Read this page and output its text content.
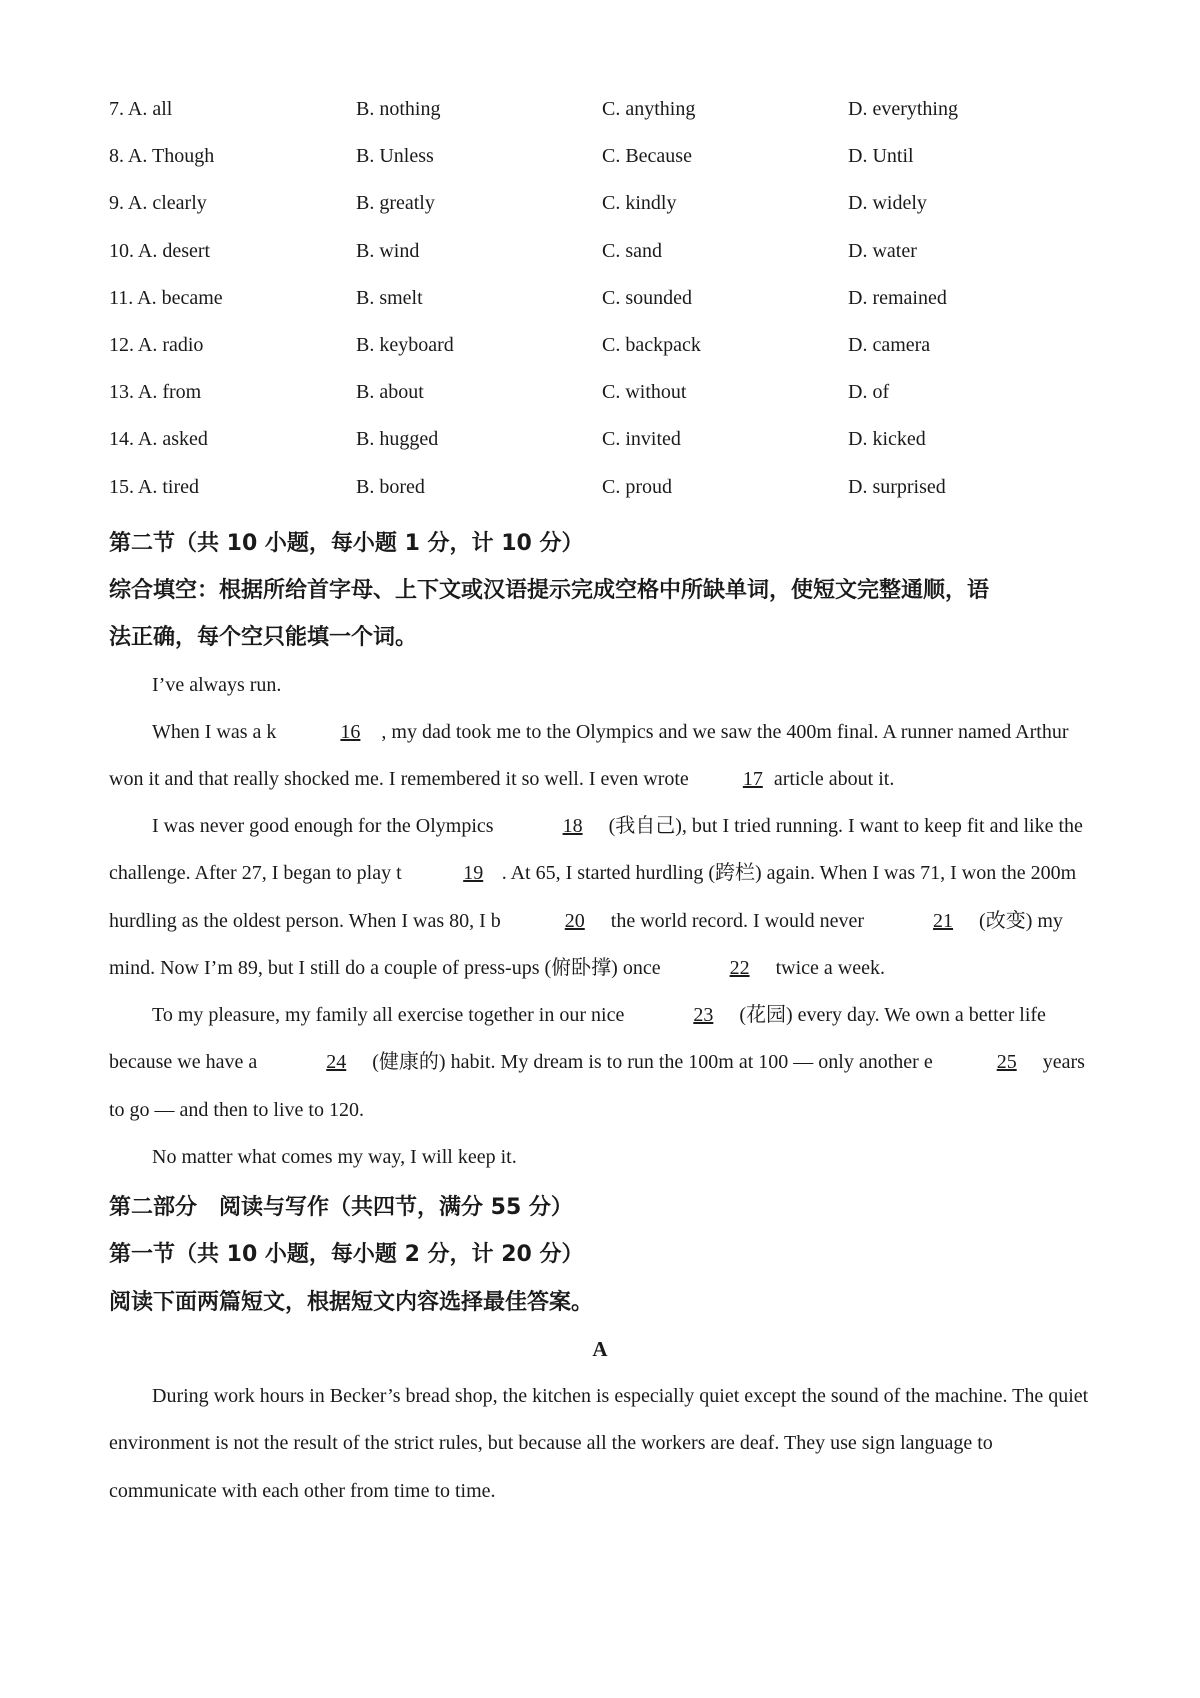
7. A. all	B. nothing	C. anything	D. everything
8. A. Though	B. Unless	C. Because	D. Until
9. A. clearly	B. greatly	C. kindly	D. widely
10. A. desert	B. wind	C. sand	D. water
11. A. became	B. smelt	C. sounded	D. remained
12. A. radio	B. keyboard	C. backpack	D. camera
13. A. from	B. about	C. without	D. of
14. A. asked	B. hugged	C. invited	D. kicked
15. A. tired	B. bored	C. proud	D. surprised
第二节（共 10 小题，每小题 1 分，计 10 分）
综合填空：根据所给首字母、上下文或汉语提示完成空格中所缺单词，使短文完整通顺，语
法正确，每个空只能填一个词。
I’ve always run.
When I was a k	16 , my dad took me to the Olympics and we saw the 400m final. A runner named Arthur won it and that really shocked me. I remembered it so well. I even wrote 17 article about it.
I was never good enough for the Olympics	18 (我自己), but I tried running. I want to keep fit and like the challenge. After 27, I began to play t	19 . At 65, I started hurdling (跨栏) again. When I was 71, I won the 200m hurdling as the oldest person. When I was 80, I b	20 the world record. I would never	21 (改变) my mind. Now I’m 89, but I still do a couple of press-ups (俯卧撑) once	22 twice a week.
To my pleasure, my family all exercise together in our nice	23 (花园) every day. We own a better life because we have a	24 (健康的) habit. My dream is to run the 100m at 100 — only another e	25 years to go — and then to live to 120.
No matter what comes my way, I will keep it.
第二部分　阅读与写作（共四节，满分 55 分）
第一节（共 10 小题，每小题 2 分，计 20 分）
阅读下面两篇短文，根据短文内容选择最佳答案。
A
During work hours in Becker’s bread shop, the kitchen is especially quiet except the sound of the machine. The quiet environment is not the result of the strict rules, but because all the workers are deaf. They use sign language to communicate with each other from time to time.
